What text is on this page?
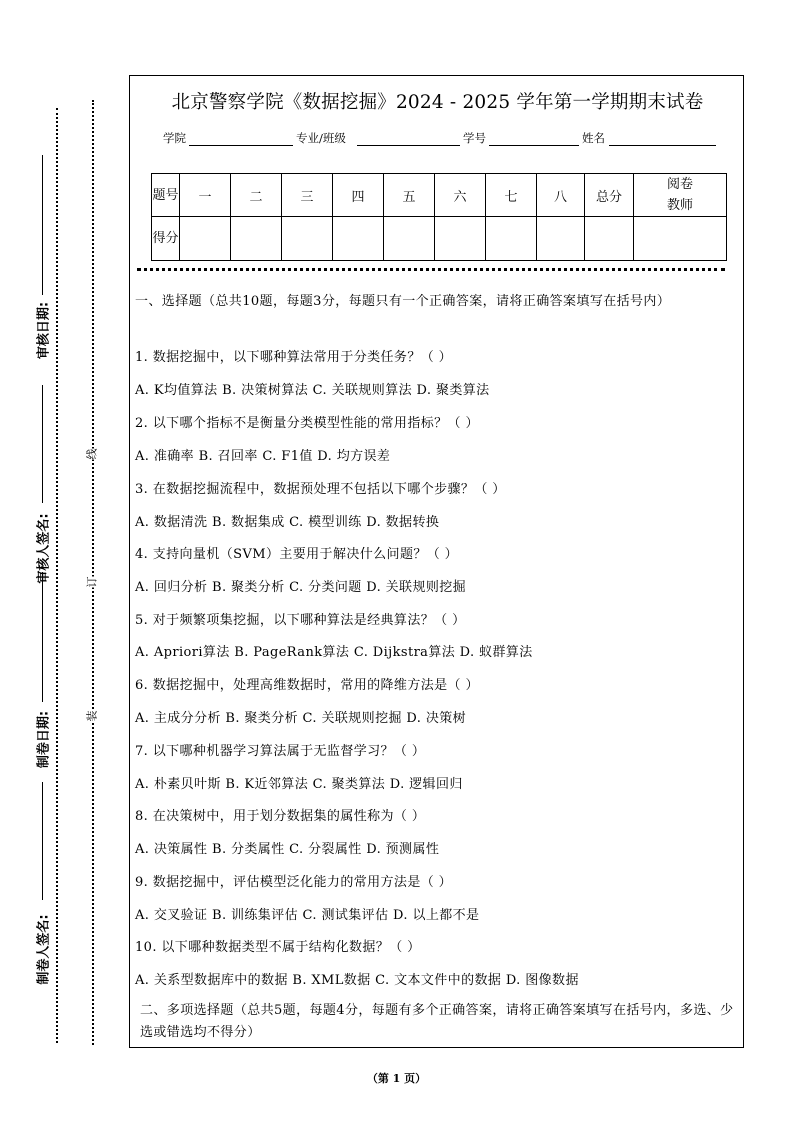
审核日期:
审核人签名:
制卷日期:
制卷人签名:
线
订
装
北京警察学院《数据挖掘》2024 - 2025 学年第一学期期末试卷
学院	专业/班级	学号	姓名
题号	一	二	三	四	五	六	七	八	总分	阅卷教师
得分										
一、选择题（总共10题，每题3分，每题只有一个正确答案，请将正确答案填写在括号内）
1. 数据挖掘中，以下哪种算法常用于分类任务？（ ）
A. K均值算法 B. 决策树算法 C. 关联规则算法 D. 聚类算法
2. 以下哪个指标不是衡量分类模型性能的常用指标？（ ）
A. 准确率 B. 召回率 C. F1值 D. 均方误差
3. 在数据挖掘流程中，数据预处理不包括以下哪个步骤？（ ）
A. 数据清洗 B. 数据集成 C. 模型训练 D. 数据转换
4. 支持向量机（SVM）主要用于解决什么问题？（ ）
A. 回归分析 B. 聚类分析 C. 分类问题 D. 关联规则挖掘
5. 对于频繁项集挖掘，以下哪种算法是经典算法？（ ）
A. Apriori算法 B. PageRank算法 C. Dijkstra算法 D. 蚁群算法
6. 数据挖掘中，处理高维数据时，常用的降维方法是（ ）
A. 主成分分析 B. 聚类分析 C. 关联规则挖掘 D. 决策树
7. 以下哪种机器学习算法属于无监督学习？（ ）
A. 朴素贝叶斯 B. K近邻算法 C. 聚类算法 D. 逻辑回归
8. 在决策树中，用于划分数据集的属性称为（ ）
A. 决策属性 B. 分类属性 C. 分裂属性 D. 预测属性
9. 数据挖掘中，评估模型泛化能力的常用方法是（ ）
A. 交叉验证 B. 训练集评估 C. 测试集评估 D. 以上都不是
10. 以下哪种数据类型不属于结构化数据？（ ）
A. 关系型数据库中的数据 B. XML数据 C. 文本文件中的数据 D. 图像数据
二、多项选择题（总共5题，每题4分，每题有多个正确答案，请将正确答案填写在括号内，多选、少选或错选均不得分）
（第 1 页）
